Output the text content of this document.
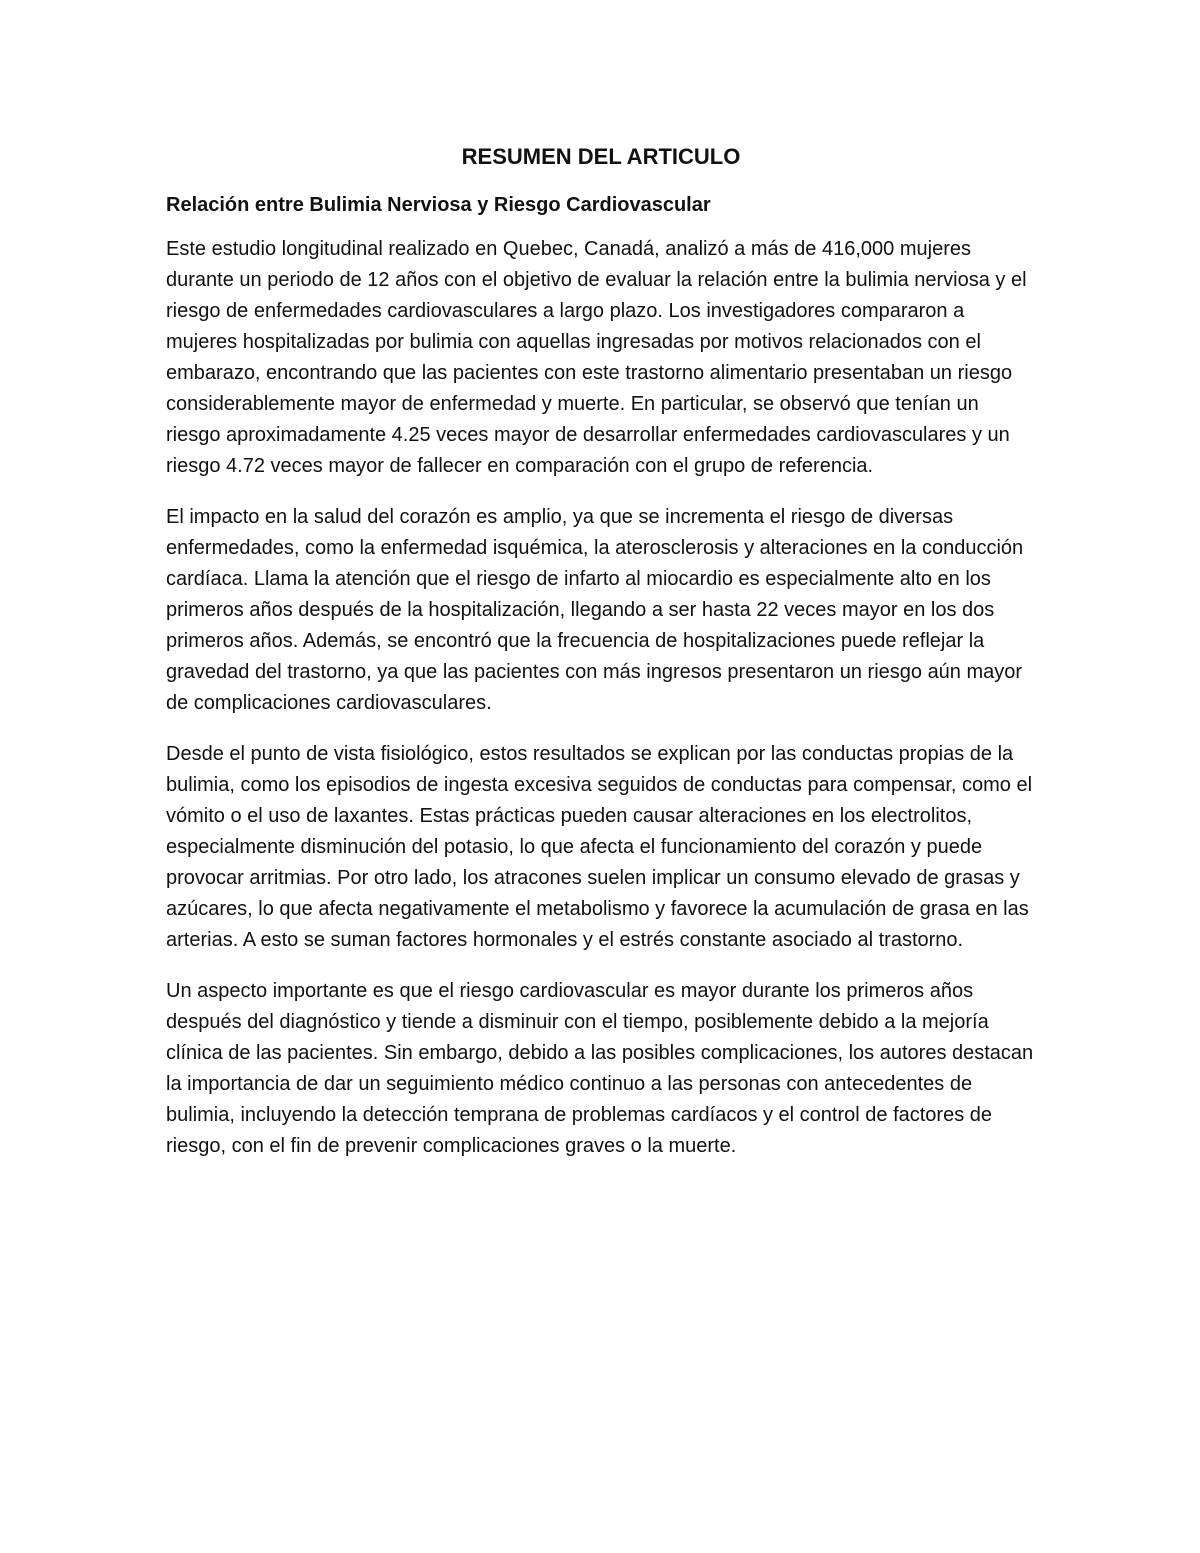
RESUMEN DEL ARTICULO
Relación entre Bulimia Nerviosa y Riesgo Cardiovascular

Este estudio longitudinal realizado en Quebec, Canadá, analizó a más de 416,000 mujeres durante un periodo de 12 años con el objetivo de evaluar la relación entre la bulimia nerviosa y el riesgo de enfermedades cardiovasculares a largo plazo. Los investigadores compararon a mujeres hospitalizadas por bulimia con aquellas ingresadas por motivos relacionados con el embarazo, encontrando que las pacientes con este trastorno alimentario presentaban un riesgo considerablemente mayor de enfermedad y muerte. En particular, se observó que tenían un riesgo aproximadamente 4.25 veces mayor de desarrollar enfermedades cardiovasculares y un riesgo 4.72 veces mayor de fallecer en comparación con el grupo de referencia.

El impacto en la salud del corazón es amplio, ya que se incrementa el riesgo de diversas enfermedades, como la enfermedad isquémica, la aterosclerosis y alteraciones en la conducción cardíaca. Llama la atención que el riesgo de infarto al miocardio es especialmente alto en los primeros años después de la hospitalización, llegando a ser hasta 22 veces mayor en los dos primeros años. Además, se encontró que la frecuencia de hospitalizaciones puede reflejar la gravedad del trastorno, ya que las pacientes con más ingresos presentaron un riesgo aún mayor de complicaciones cardiovasculares.

Desde el punto de vista fisiológico, estos resultados se explican por las conductas propias de la bulimia, como los episodios de ingesta excesiva seguidos de conductas para compensar, como el vómito o el uso de laxantes. Estas prácticas pueden causar alteraciones en los electrolitos, especialmente disminución del potasio, lo que afecta el funcionamiento del corazón y puede provocar arritmias. Por otro lado, los atracones suelen implicar un consumo elevado de grasas y azúcares, lo que afecta negativamente el metabolismo y favorece la acumulación de grasa en las arterias. A esto se suman factores hormonales y el estrés constante asociado al trastorno.

Un aspecto importante es que el riesgo cardiovascular es mayor durante los primeros años después del diagnóstico y tiende a disminuir con el tiempo, posiblemente debido a la mejoría clínica de las pacientes. Sin embargo, debido a las posibles complicaciones, los autores destacan la importancia de dar un seguimiento médico continuo a las personas con antecedentes de bulimia, incluyendo la detección temprana de problemas cardíacos y el control de factores de riesgo, con el fin de prevenir complicaciones graves o la muerte.
